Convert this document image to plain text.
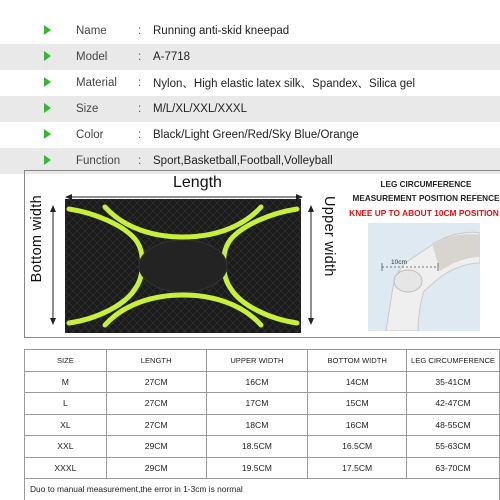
Name	: Running anti-skid kneepad
Model	: A-7718
Material	: Nylon、High elastic latex silk、Spandex、Silica gel
Size	: M/L/XL/XXL/XXXL
Color	: Black/Light Green/Red/Sky Blue/Orange
Function	: Sport,Basketball,Football,Volleyball
Length
Bottom width	Upper width
LEG CIRCUMFERENCE MEASUREMENT POSITION REFENCE
KNEE UP TO ABOUT 10CM POSITION
10cm
SIZE	LENGTH	UPPER WIDTH	BOTTOM WIDTH	LEG CIRCUMFERENCE
M	27CM	16CM	14CM	35-41CM
L	27CM	17CM	15CM	42-47CM
XL	27CM	18CM	16CM	48-55CM
XXL	29CM	18.5CM	16.5CM	55-63CM
XXXL	29CM	19.5CM	17.5CM	63-70CM
Duo to manual measurement,the error in 1-3cm is normal				
